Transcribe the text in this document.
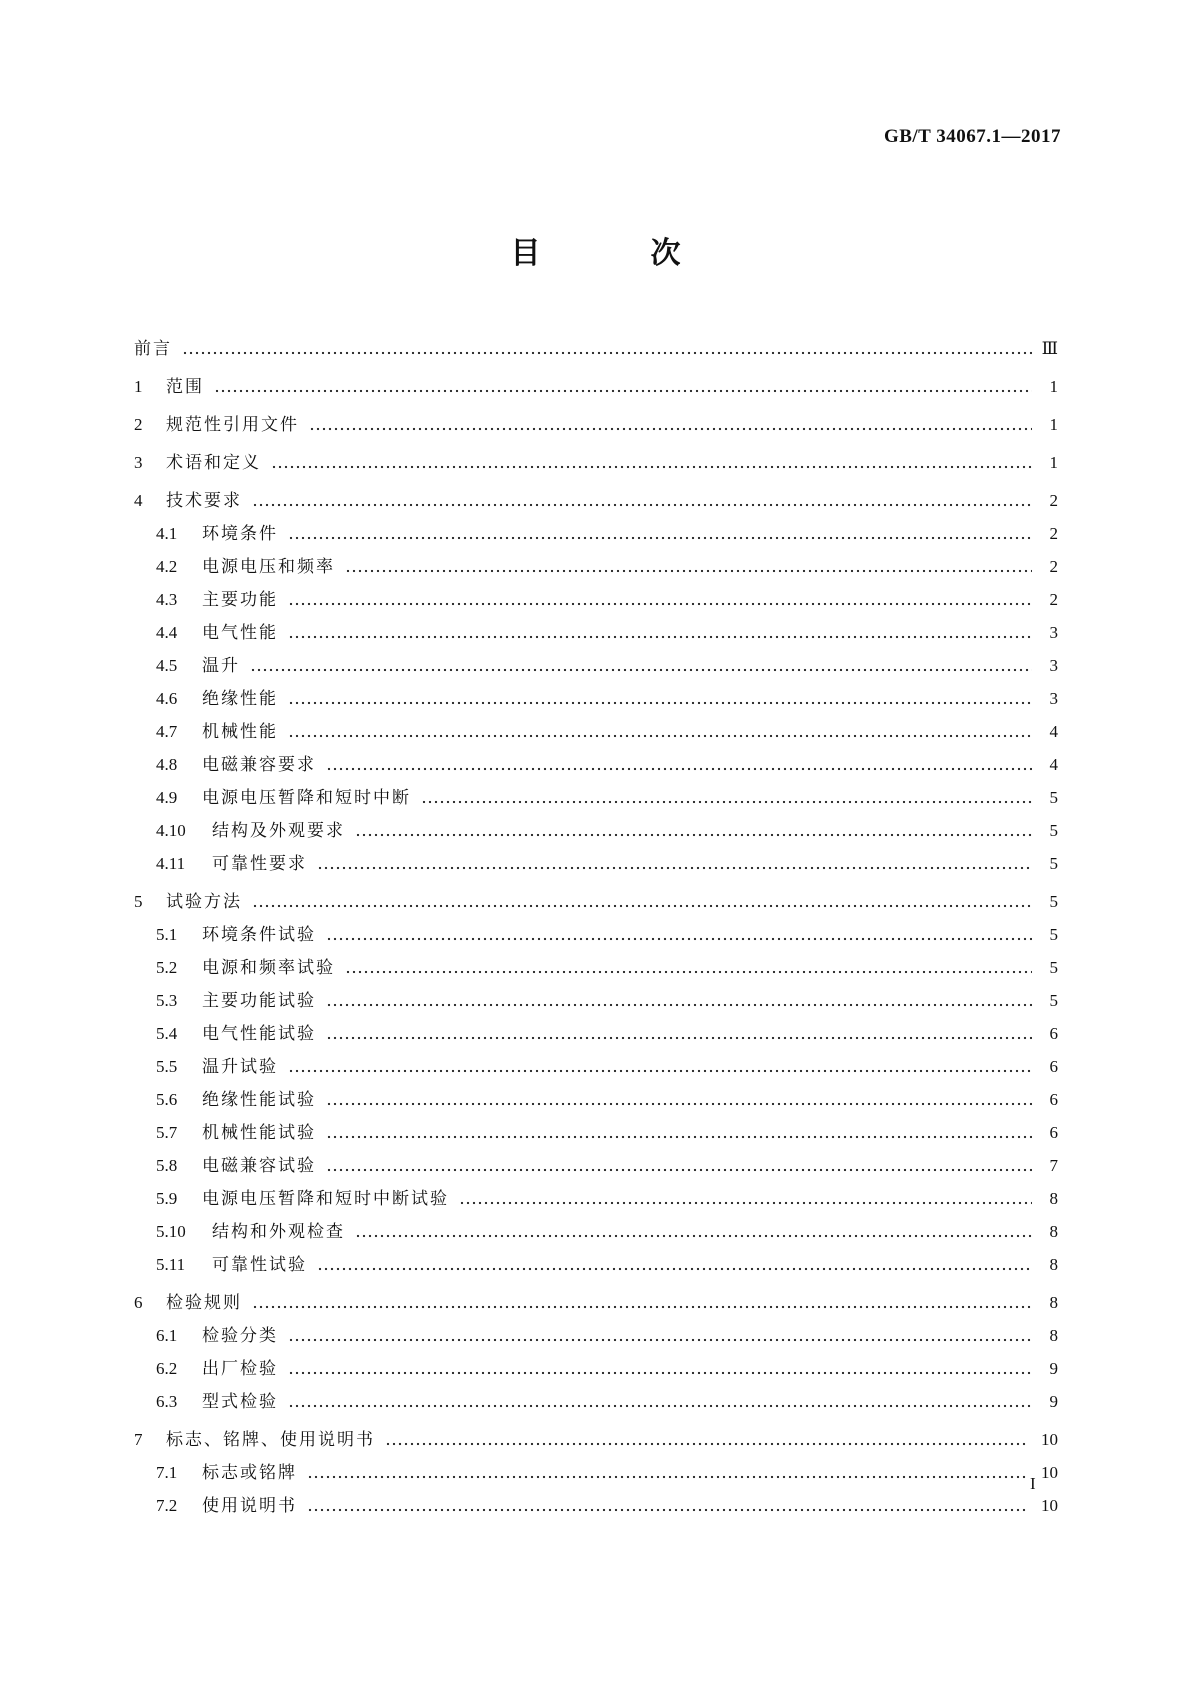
GB/T 34067.1—2017
目　次
前言	Ⅲ
1	范围	1
2	规范性引用文件	1
3	术语和定义	1
4	技术要求	2
4.1	环境条件	2
4.2	电源电压和频率	2
4.3	主要功能	2
4.4	电气性能	3
4.5	温升	3
4.6	绝缘性能	3
4.7	机械性能	4
4.8	电磁兼容要求	4
4.9	电源电压暂降和短时中断	5
4.10	结构及外观要求	5
4.11	可靠性要求	5
5	试验方法	5
5.1	环境条件试验	5
5.2	电源和频率试验	5
5.3	主要功能试验	5
5.4	电气性能试验	6
5.5	温升试验	6
5.6	绝缘性能试验	6
5.7	机械性能试验	6
5.8	电磁兼容试验	7
5.9	电源电压暂降和短时中断试验	8
5.10	结构和外观检查	8
5.11	可靠性试验	8
6	检验规则	8
6.1	检验分类	8
6.2	出厂检验	9
6.3	型式检验	9
7	标志、铭牌、使用说明书	10
7.1	标志或铭牌	10
7.2	使用说明书	10
I
